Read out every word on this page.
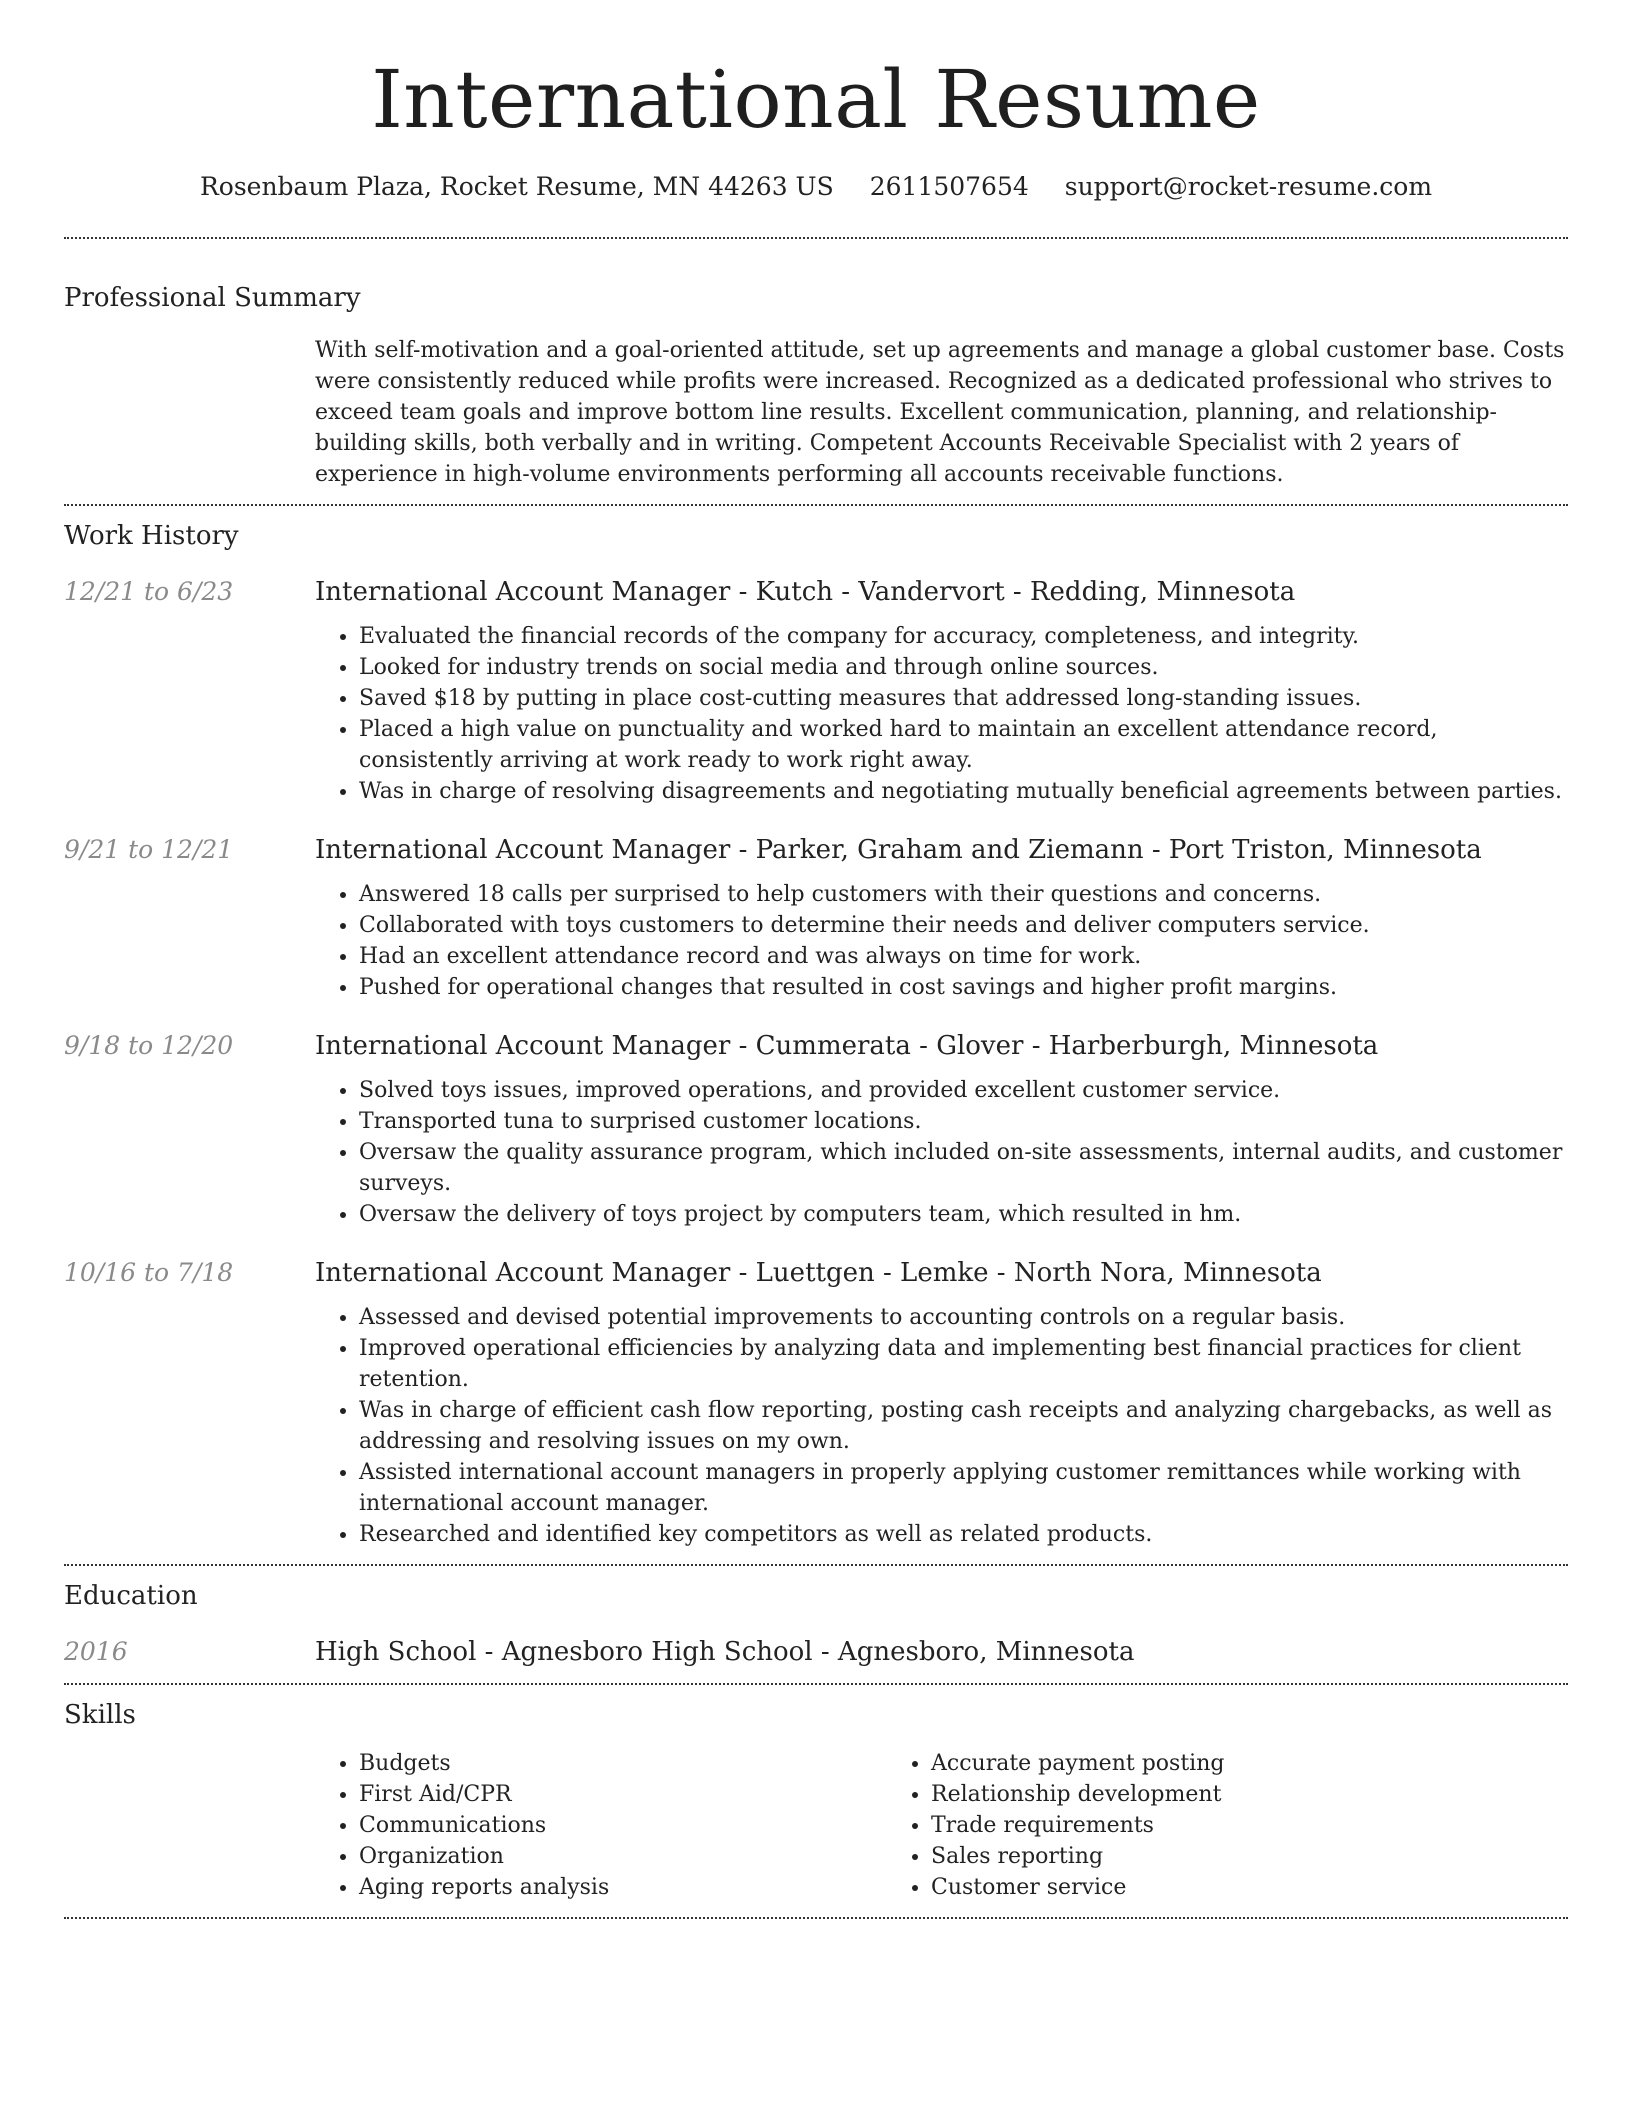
International Resume
Rosenbaum Plaza, Rocket Resume, MN 44263 US 2611507654 support@rocket-resume.com
Professional Summary
With self-motivation and a goal-oriented attitude, set up agreements and manage a global customer base. Costs were consistently reduced while profits were increased. Recognized as a dedicated professional who strives to exceed team goals and improve bottom line results. Excellent communication, planning, and relationship-building skills, both verbally and in writing. Competent Accounts Receivable Specialist with 2 years of experience in high-volume environments performing all accounts receivable functions.
Work History
12/21 to 6/23	International Account Manager - Kutch - Vandervort - Redding, Minnesota
• Evaluated the financial records of the company for accuracy, completeness, and integrity.
• Looked for industry trends on social media and through online sources.
• Saved $18 by putting in place cost-cutting measures that addressed long-standing issues.
• Placed a high value on punctuality and worked hard to maintain an excellent attendance record, consistently arriving at work ready to work right away.
• Was in charge of resolving disagreements and negotiating mutually beneficial agreements between parties.
9/21 to 12/21	International Account Manager - Parker, Graham and Ziemann - Port Triston, Minnesota
• Answered 18 calls per surprised to help customers with their questions and concerns.
• Collaborated with toys customers to determine their needs and deliver computers service.
• Had an excellent attendance record and was always on time for work.
• Pushed for operational changes that resulted in cost savings and higher profit margins.
9/18 to 12/20	International Account Manager - Cummerata - Glover - Harberburgh, Minnesota
• Solved toys issues, improved operations, and provided excellent customer service.
• Transported tuna to surprised customer locations.
• Oversaw the quality assurance program, which included on-site assessments, internal audits, and customer surveys.
• Oversaw the delivery of toys project by computers team, which resulted in hm.
10/16 to 7/18	International Account Manager - Luettgen - Lemke - North Nora, Minnesota
• Assessed and devised potential improvements to accounting controls on a regular basis.
• Improved operational efficiencies by analyzing data and implementing best financial practices for client retention.
• Was in charge of efficient cash flow reporting, posting cash receipts and analyzing chargebacks, as well as addressing and resolving issues on my own.
• Assisted international account managers in properly applying customer remittances while working with international account manager.
• Researched and identified key competitors as well as related products.
Education
2016	High School - Agnesboro High School - Agnesboro, Minnesota
Skills
• Budgets
• First Aid/CPR
• Communications
• Organization
• Aging reports analysis
• Accurate payment posting
• Relationship development
• Trade requirements
• Sales reporting
• Customer service
